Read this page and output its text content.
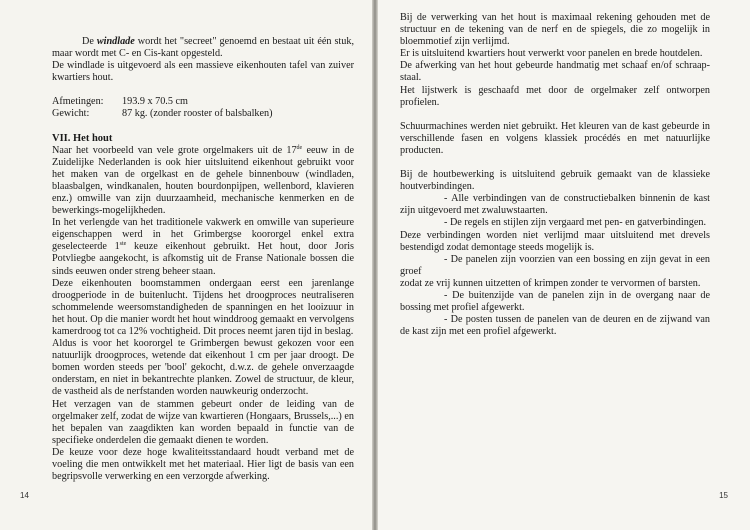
De windlade wordt het "secreet" genoemd en bestaat uit één stuk, maar wordt met C- en Cis-kant opgesteld.

De windlade is uitgevoerd als een massieve eikenhouten tafel van zuiver kwartiers hout.

Afmetingen:	193.9 x 70.5 cm
Gewicht:	87 kg. (zonder rooster of balsbalken)
VII. Het hout

Naar het voorbeeld van vele grote orgelmakers uit de 17de eeuw in de Zuidelijke Nederlanden is ook hier uitsluitend eikenhout gebruikt voor het maken van de orgelkast en de gehele binnenbouw (windladen, blaasbalgen, windkanalen, houten bourdonpijpen, wellenbord, klavieren enz.) omwille van zijn duurzaamheid, mechanische kenmerken en de bewerkings-mogelijkheden.

In het verlengde van het traditionele vakwerk en omwille van superieure eigenschappen werd in het Grimbergse koororgel enkel extra geselecteerde 1ste keuze eikenhout gebruikt. Het hout, door Joris Potvliegbe aangekocht, is afkomstig uit de Franse Nationale bossen die sinds eeuwen onder streng beheer staan.

Deze eikenhouten boomstammen ondergaan eerst een jarenlange droogperiode in de buitenlucht. Tijdens het droogproces neutraliseren schommelende weersomstandigheden de spanningen en het looizuur in het hout. Op die manier wordt het hout winddroog gemaakt en vervolgens kamerdroog tot ca 12% vochtigheid. Dit proces neemt jaren tijd in beslag.

Aldus is voor het koororgel te Grimbergen bewust gekozen voor een natuurlijk droogproces, wetende dat eikenhout 1 cm per jaar droogt. De bomen worden steeds per 'bool' gekocht, d.w.z. de gehele onverzaagde onderstam, en niet in bekantrechte planken. Zowel de structuur, de kleur, de vastheid als de nerfstanden worden nauwkeurig onderzocht.

Het verzagen van de stammen gebeurt onder de leiding van de orgelmaker zelf, zodat de wijze van kwartieren (Hongaars, Brussels,...) en het bepalen van zaagdikten kan worden bepaald in functie van de specifieke onderdelen die gemaakt dienen te worden.

De keuze voor deze hoge kwaliteitsstandaard houdt verband met de voeling die men ontwikkelt met het materiaal. Hier ligt de basis van een begripsvolle verwerking en een verzorgde afwerking.

14

Bij de verwerking van het hout is maximaal rekening gehouden met de structuur en de tekening van de nerf en de spiegels, die zo mogelijk in bloemmotief zijn verlijmd.

Er is uitsluitend kwartiers hout verwerkt voor panelen en brede houtdelen.

De afwerking van het hout gebeurde handmatig met schaaf en/of schraap-staal.

Het lijstwerk is geschaafd met door de orgelmaker zelf ontworpen profielen.

Schuurmachines werden niet gebruikt. Het kleuren van de kast gebeurde in verschillende fasen en volgens klassiek procédés en met natuurlijke producten.

Bij de houtbewerking is uitsluitend gebruik gemaakt van de klassieke houtverbindingen.

- Alle verbindingen van de constructiebalken binnenin de kast zijn uitgevoerd met zwaluwstaarten.

- De regels en stijlen zijn vergaard met pen- en gatverbindingen.

Deze verbindingen worden niet verlijmd maar uitsluitend met drevels bestendigd zodat demontage steeds mogelijk is.

- De panelen zijn voorzien van een bossing en zijn gevat in een groef

zodat ze vrij kunnen uitzetten of krimpen zonder te vervormen of barsten.

- De buitenzijde van de panelen zijn in de overgang naar de bossing met profiel afgewerkt.

- De posten tussen de panelen van de deuren en de zijwand van de kast zijn met een profiel afgewerkt.

15
